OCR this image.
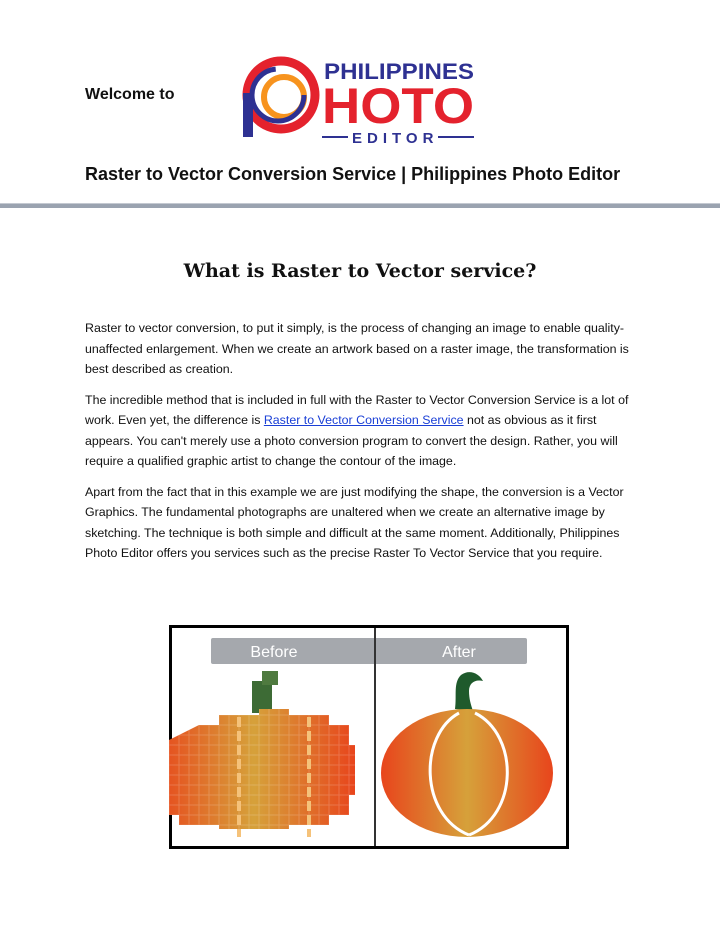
Welcome to
PHILIPPINES
HOTO
EDITOR
Raster to Vector Conversion Service | Philippines Photo Editor
What is Raster to Vector service?

Raster to vector conversion, to put it simply, is the process of changing an image to enable quality-unaffected enlargement. When we create an artwork based on a raster image, the transformation is best described as creation.

The incredible method that is included in full with the Raster to Vector Conversion Service is a lot of work. Even yet, the difference is Raster to Vector Conversion Service not as obvious as it first appears. You can't merely use a photo conversion program to convert the design. Rather, you will require a qualified graphic artist to change the contour of the image.

Apart from the fact that in this example we are just modifying the shape, the conversion is a Vector Graphics. The fundamental photographs are unaltered when we create an alternative image by sketching. The technique is both simple and difficult at the same moment. Additionally, Philippines Photo Editor offers you services such as the precise Raster To Vector Service that you require.

Before	After
